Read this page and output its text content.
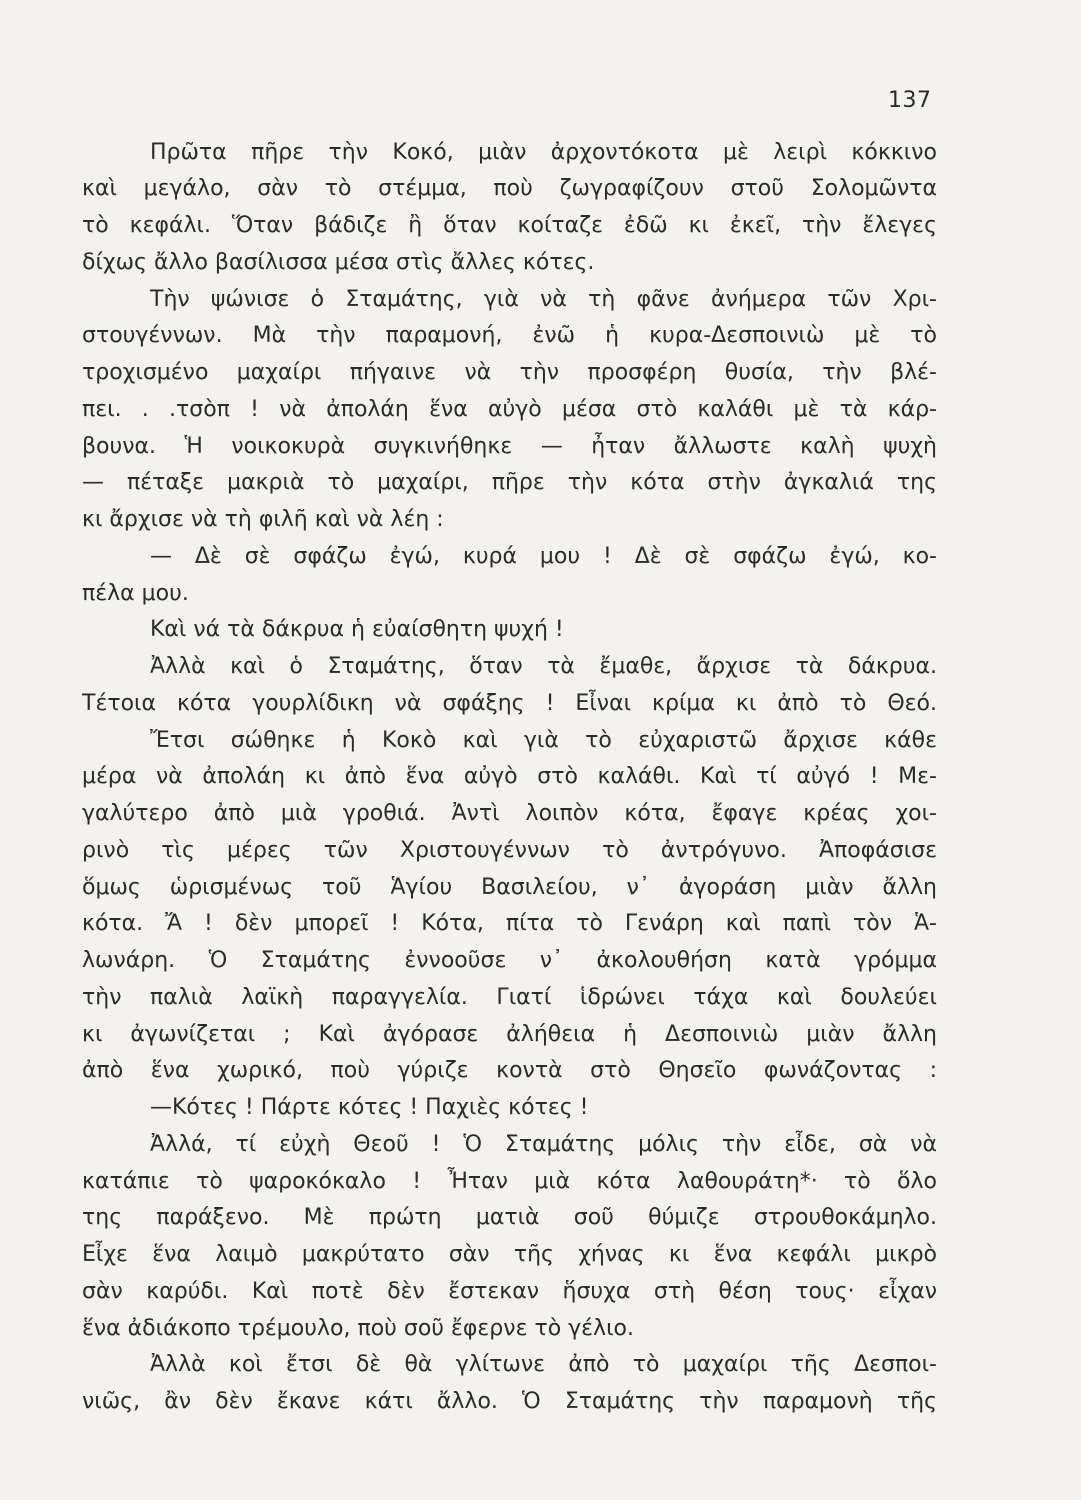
137
Πρῶτα πῆρε τὴν Κοκό, μιὰν ἀρχοντόκοτα μὲ λειρὶ κόκκινο
καὶ μεγάλο, σὰν τὸ στέμμα, ποὺ ζωγραφίζουν στοῦ Σολομῶντα
τὸ κεφάλι. Ὅταν βάδιζε ἢ ὅταν κοίταζε ἐδῶ κι ἐκεῖ, τὴν ἔλεγες
δίχως ἄλλο βασίλισσα μέσα στὶς ἄλλες κότες.
Τὴν ψώνισε ὁ Σταμάτης, γιὰ νὰ τὴ φᾶνε ἀνήμερα τῶν Χρι-
στουγέννων. Μὰ τὴν παραμονή, ἐνῶ ἡ κυρα-Δεσποινιὼ μὲ τὸ
τροχισμένο μαχαίρι πήγαινε νὰ τὴν προσφέρη θυσία, τὴν βλέ-
πει. . .τσὸπ ! νὰ ἀπολάη ἕνα αὐγὸ μέσα στὸ καλάθι μὲ τὰ κάρ-
βουνα. Ἡ νοικοκυρὰ συγκινήθηκε — ἦταν ἄλλωστε καλὴ ψυχὴ
— πέταξε μακριὰ τὸ μαχαίρι, πῆρε τὴν κότα στὴν ἀγκαλιά της
κι ἄρχισε νὰ τὴ φιλῆ καὶ νὰ λέη :
— Δὲ σὲ σφάζω ἐγώ, κυρά μου ! Δὲ σὲ σφάζω ἐγώ, κο-
πέλα μου.
Καὶ νά τὰ δάκρυα ἡ εὐαίσθητη ψυχή !
Ἀλλὰ καὶ ὁ Σταμάτης, ὅταν τὰ ἔμαθε, ἄρχισε τὰ δάκρυα.
Τέτοια κότα γουρλίδικη νὰ σφάξης ! Εἶναι κρίμα κι ἀπὸ τὸ Θεό.
Ἔτσι σώθηκε ἡ Κοκὸ καὶ γιὰ τὸ εὐχαριστῶ ἄρχισε κάθε
μέρα νὰ ἀπολάη κι ἀπὸ ἕνα αὐγὸ στὸ καλάθι. Καὶ τί αὐγό ! Με-
γαλύτερο ἀπὸ μιὰ γροθιά. Ἀντὶ λοιπὸν κότα, ἔφαγε κρέας χοι-
ρινὸ τὶς μέρες τῶν Χριστουγέννων τὸ ἀντρόγυνο. Ἀποφάσισε
ὅμως ὡρισμένως τοῦ Ἁγίου Βασιλείου, ν᾽ ἀγοράση μιὰν ἄλλη
κότα. Ἄ ! δὲν μπορεῖ ! Κότα, πίτα τὸ Γενάρη καὶ παπὶ τὸν Ἁ-
λωνάρη. Ὁ Σταμάτης ἐννοοῦσε ν᾽ ἀκολουθήση κατὰ γρόμμα
τὴν παλιὰ λαϊκὴ παραγγελία. Γιατί ἱδρώνει τάχα καὶ δουλεύει
κι ἀγωνίζεται ; Καὶ ἀγόρασε ἀλήθεια ἡ Δεσποινιὼ μιὰν ἄλλη
ἀπὸ ἕνα χωρικό, ποὺ γύριζε κοντὰ στὸ Θησεῖο φωνάζοντας :
—Κότες ! Πάρτε κότες ! Παχιὲς κότες !
Ἀλλά, τί εὐχὴ Θεοῦ ! Ὁ Σταμάτης μόλις τὴν εἶδε, σὰ νὰ
κατάπιε τὸ ψαροκόκαλο ! Ἦταν μιὰ κότα λαθουράτη*· τὸ ὅλο
της παράξενο. Μὲ πρώτη ματιὰ σοῦ θύμιζε στρουθοκάμηλο.
Εἶχε ἕνα λαιμὸ μακρύτατο σὰν τῆς χήνας κι ἕνα κεφάλι μικρὸ
σὰν καρύδι. Καὶ ποτὲ δὲν ἔστεκαν ἥσυχα στὴ θέση τους· εἶχαν
ἕνα ἀδιάκοπο τρέμουλο, ποὺ σοῦ ἔφερνε τὸ γέλιο.
Ἀλλὰ κοὶ ἔτσι δὲ θὰ γλίτωνε ἀπὸ τὸ μαχαίρι τῆς Δεσποι-
νιῶς, ἂν δὲν ἔκανε κάτι ἄλλο. Ὁ Σταμάτης τὴν παραμονὴ τῆς
